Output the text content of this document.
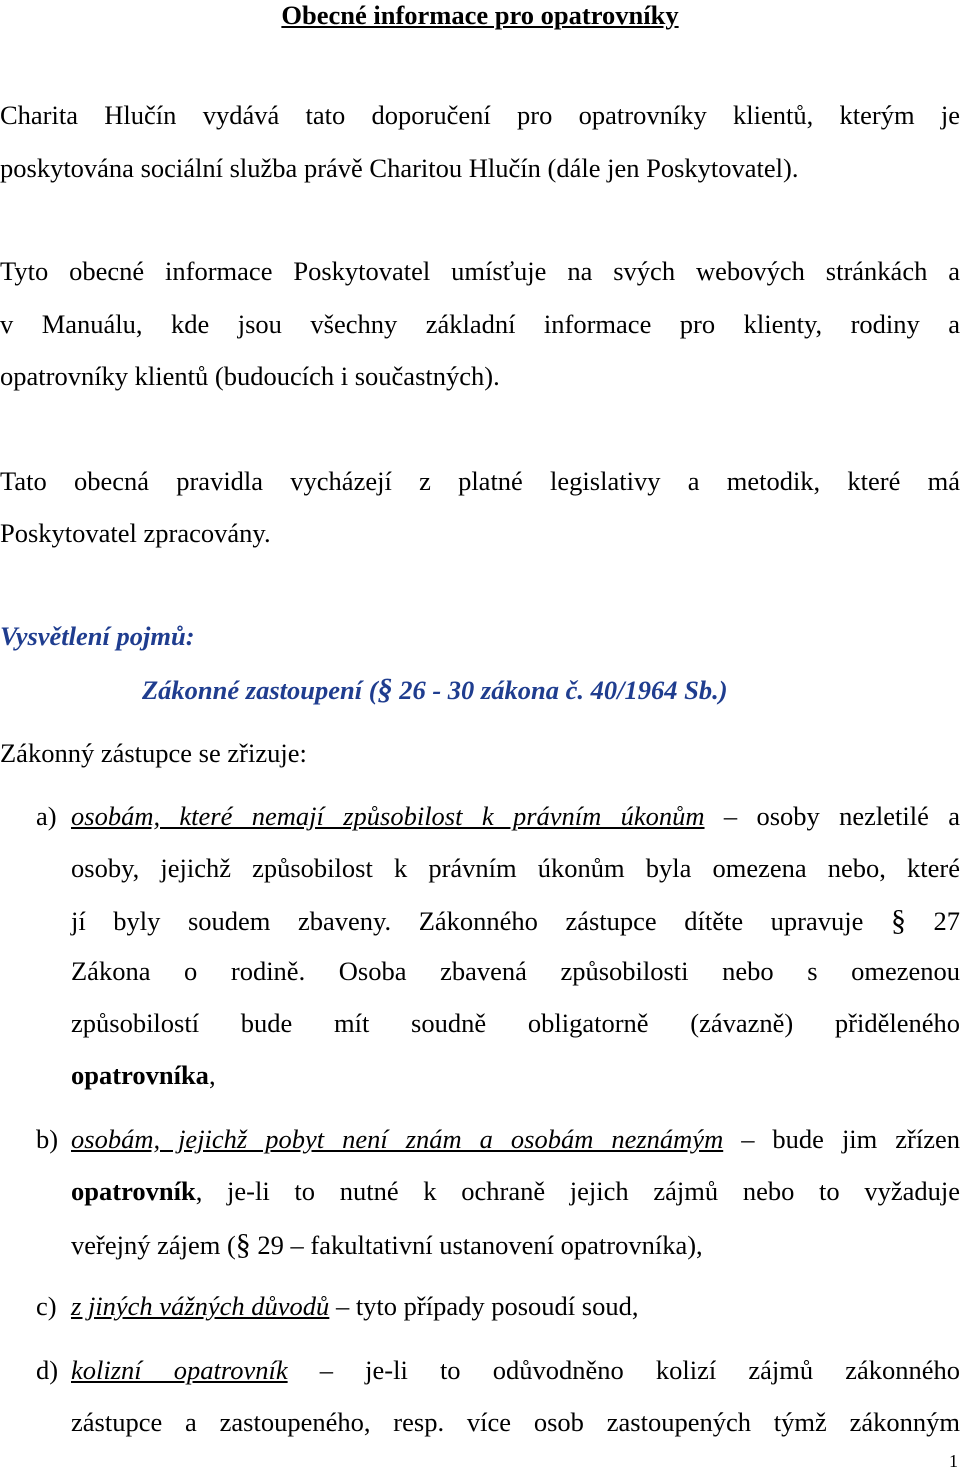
Obecné informace pro opatrovníky
Charita Hlučín vydává tato doporučení pro opatrovníky klientů, kterým je
poskytována sociální služba právě Charitou Hlučín (dále jen Poskytovatel).
Tyto obecné informace Poskytovatel umísťuje na svých webových stránkách a
v Manuálu, kde jsou všechny základní informace pro klienty, rodiny a
opatrovníky klientů (budoucích i součastných).
Tato obecná pravidla vycházejí z platné legislativy a metodik, které má
Poskytovatel zpracovány.
Vysvětlení pojmů:
Zákonné zastoupení (§ 26 - 30 zákona č. 40/1964 Sb.)
Zákonný zástupce se zřizuje:
a) osobám, které nemají způsobilost k právním úkonům – osoby nezletilé a
osoby, jejichž způsobilost k právním úkonům byla omezena nebo, které
jí byly soudem zbaveny. Zákonného zástupce dítěte upravuje § 27
Zákona o rodině. Osoba zbavená způsobilosti nebo s omezenou
způsobilostí bude mít soudně obligatorně (závazně) přiděleného
opatrovníka,
b) osobám, jejichž pobyt není znám a osobám neznámým – bude jim zřízen
opatrovník, je-li to nutné k ochraně jejich zájmů nebo to vyžaduje
veřejný zájem (§ 29 – fakultativní ustanovení opatrovníka),
c) z jiných vážných důvodů – tyto případy posoudí soud,
d) kolizní opatrovník – je-li to odůvodněno kolizí zájmů zákonného
zástupce a zastoupeného, resp. více osob zastoupených týmž zákonným
1
